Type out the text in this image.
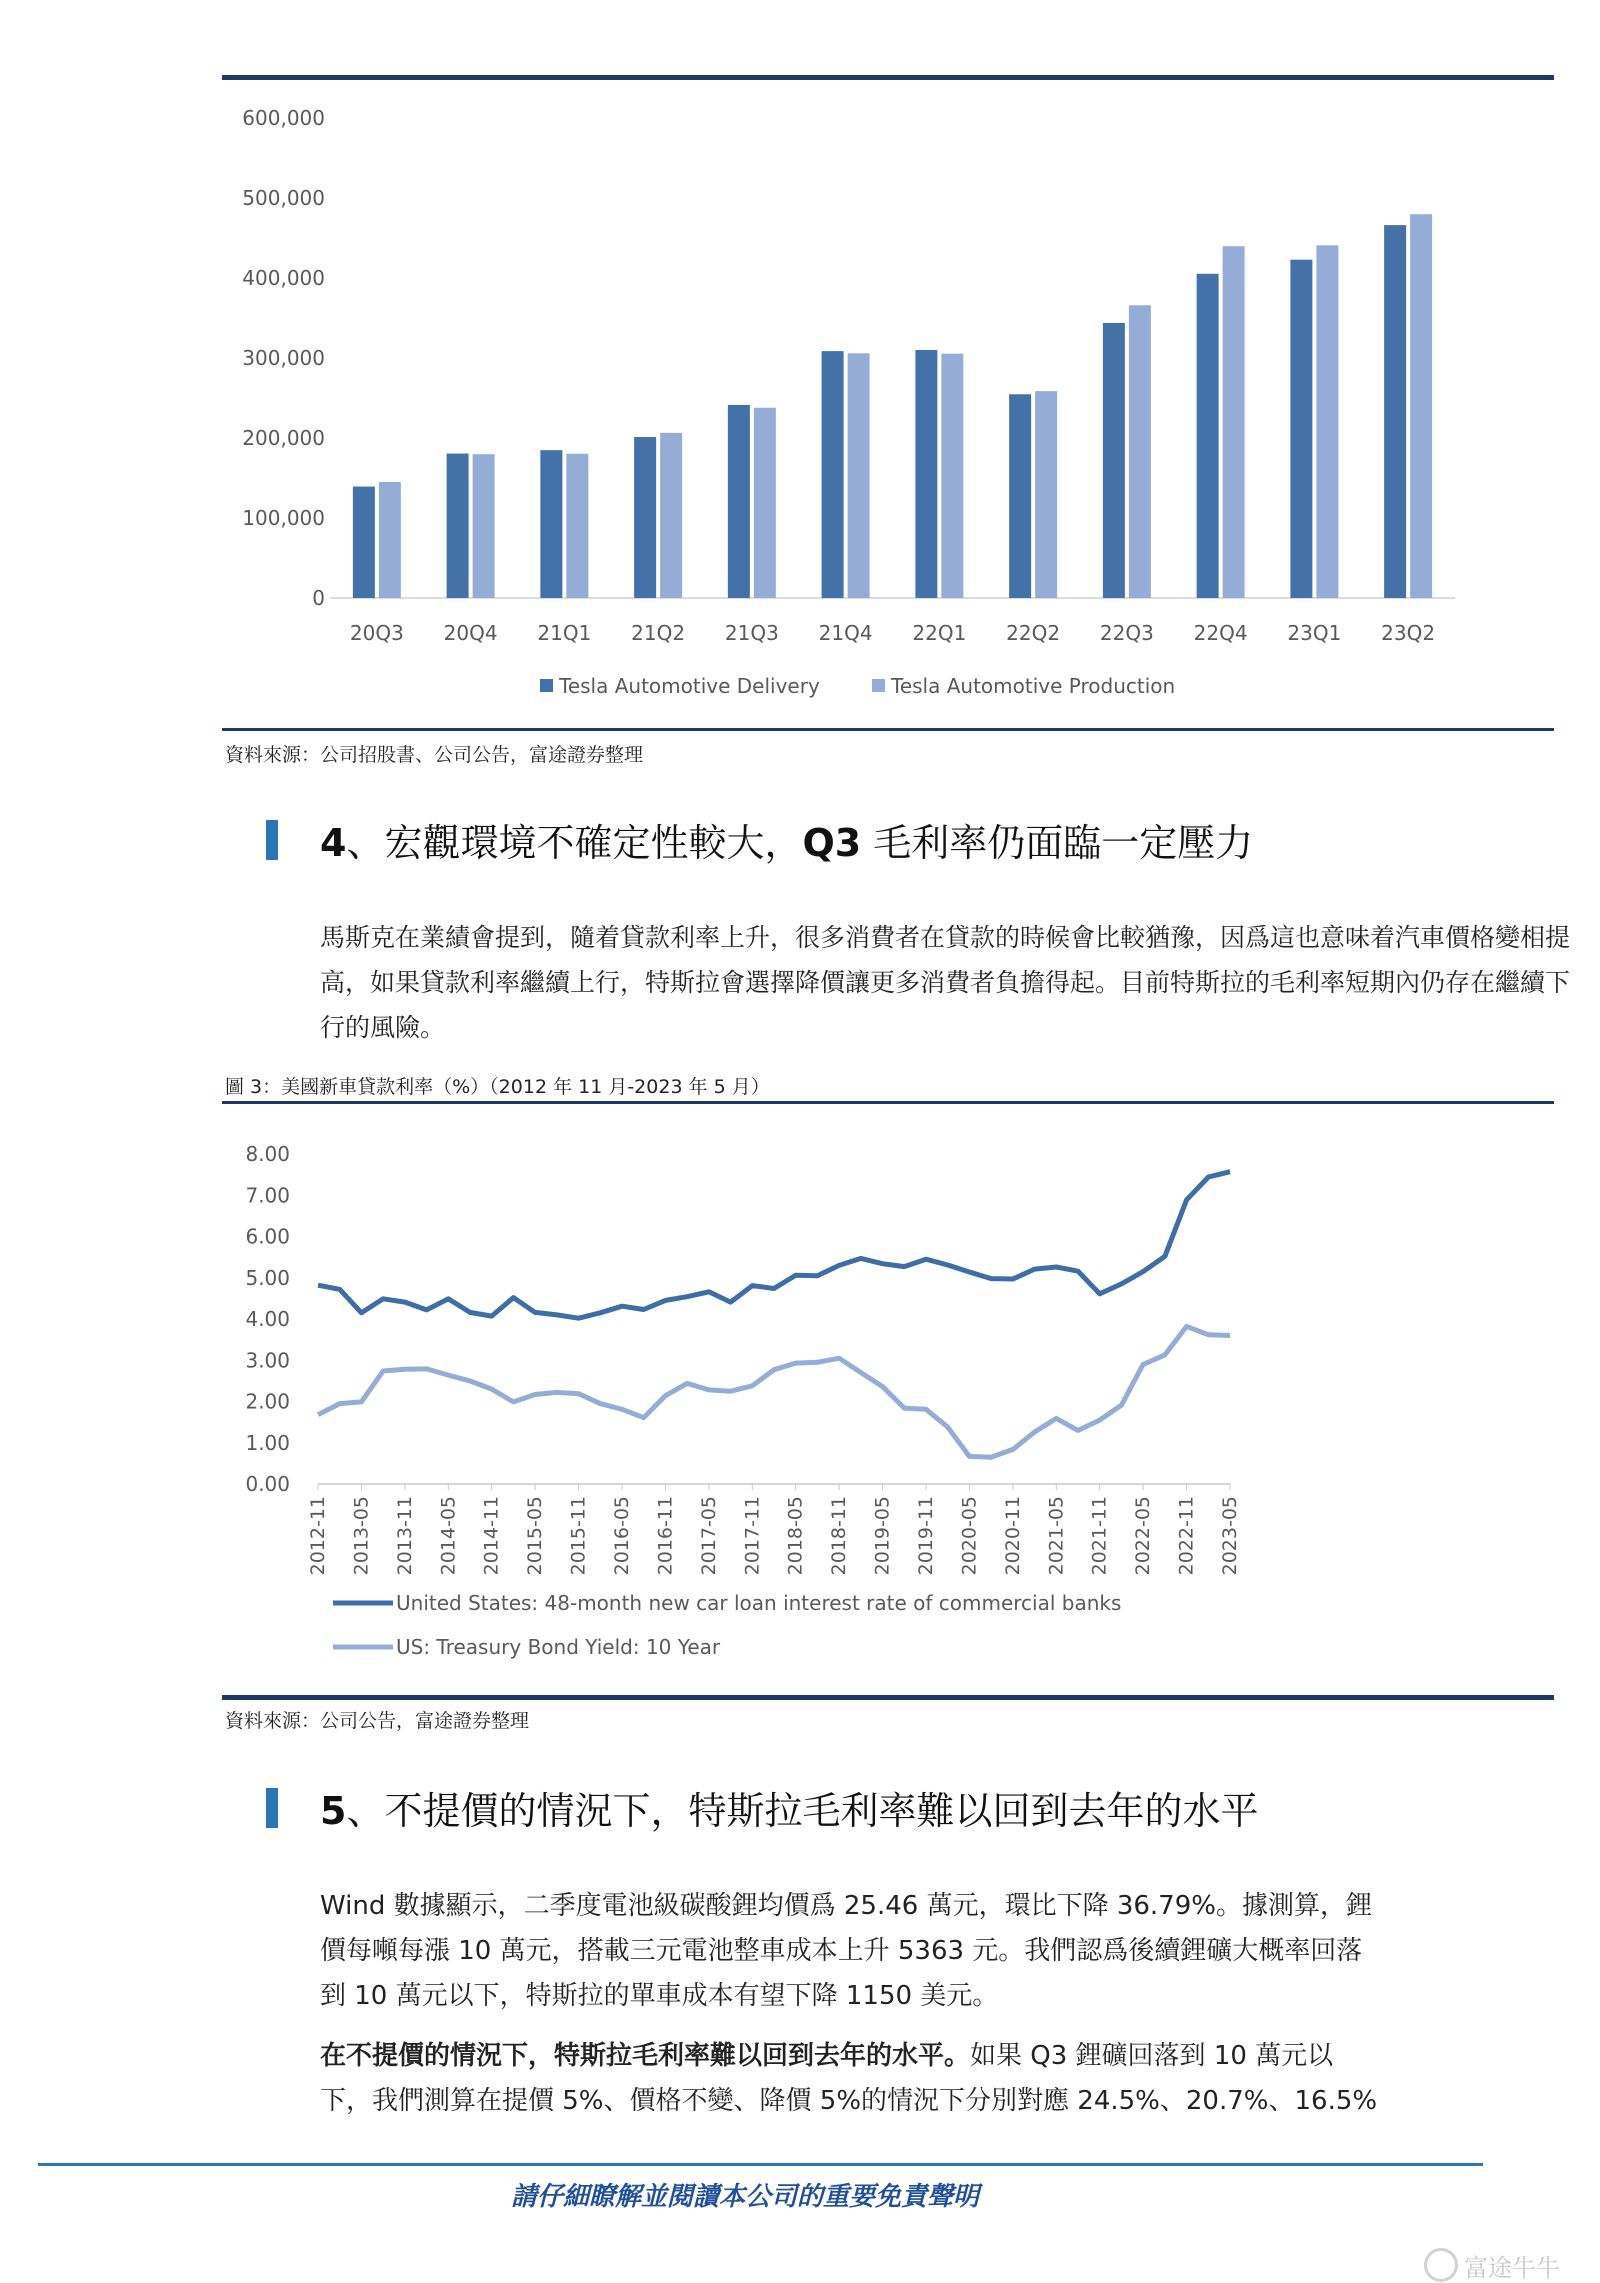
0
100,000
200,000
300,000
400,000
500,000
600,000
20Q3 20Q4 21Q1 21Q2 21Q3 21Q4 22Q1 22Q2 22Q3 22Q4 23Q1 23Q2
Tesla Automotive Delivery	Tesla Automotive Production
資料來源：公司招股書、公司公告，富途證券整理
4、宏觀環境不確定性較大，Q3 毛利率仍面臨一定壓力

馬斯克在業績會提到，隨着貸款利率上升，很多消費者在貸款的時候會比較猶豫，因爲這也意味着汽車價格變相提高，如果貸款利率繼續上行，特斯拉會選擇降價讓更多消費者負擔得起。目前特斯拉的毛利率短期內仍存在繼續下行的風險。

圖 3：美國新車貸款利率（%）（2012 年 11 月-2023 年 5 月）
0.00
1.00
2.00
3.00
4.00
5.00
6.00
7.00
8.00
2012-11 2013-05 2013-11 2014-05 2014-11 2015-05 2015-11 2016-05 2016-11 2017-05 2017-11 2018-05 2018-11 2019-05 2019-11 2020-05 2020-11 2021-05 2021-11 2022-05 2022-11 2023-05
United States: 48-month new car loan interest rate of commercial banks
US: Treasury Bond Yield: 10 Year
資料來源：公司公告，富途證券整理
5、不提價的情況下，特斯拉毛利率難以回到去年的水平

Wind 數據顯示，二季度電池級碳酸鋰均價爲 25.46 萬元，環比下降 36.79%。據測算，鋰價每噸每漲 10 萬元，搭載三元電池整車成本上升 5363 元。我們認爲後續鋰礦大概率回落到 10 萬元以下，特斯拉的單車成本有望下降 1150 美元。

在不提價的情況下，特斯拉毛利率難以回到去年的水平。如果 Q3 鋰礦回落到 10 萬元以下，我們測算在提價 5%、價格不變、降價 5%的情況下分別對應 24.5%、20.7%、16.5%

請仔細瞭解並閱讀本公司的重要免責聲明
富途牛牛
